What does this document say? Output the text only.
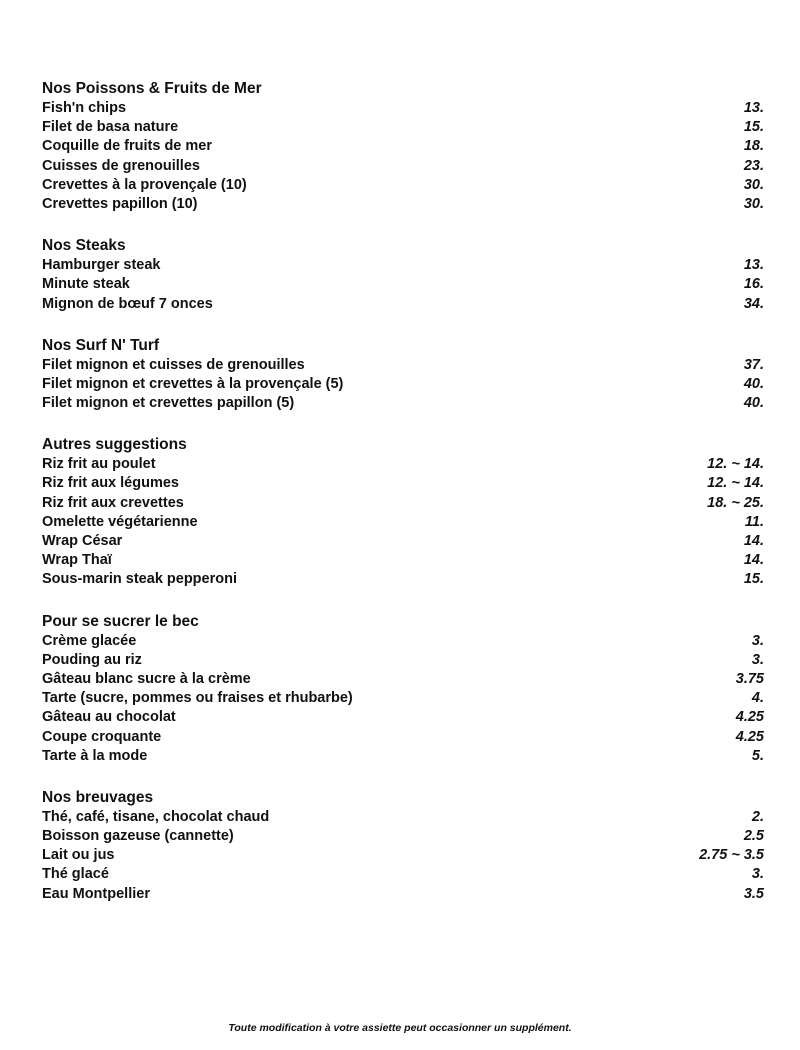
Nos Poissons & Fruits de Mer
Fish'n chips	13.
Filet de basa nature	15.
Coquille de fruits de mer	18.
Cuisses de grenouilles	23.
Crevettes à la provençale (10)	30.
Crevettes papillon (10)	30.
Nos Steaks
Hamburger steak	13.
Minute steak	16.
Mignon de bœuf 7 onces	34.
Nos Surf N' Turf
Filet mignon et cuisses de grenouilles	37.
Filet mignon et crevettes à la provençale (5)	40.
Filet mignon et crevettes papillon (5)	40.
Autres suggestions
Riz frit au poulet	12. ~ 14.
Riz frit aux légumes	12. ~ 14.
Riz frit aux crevettes	18. ~ 25.
Omelette végétarienne	11.
Wrap César	14.
Wrap Thaï	14.
Sous-marin steak pepperoni	15.
Pour se sucrer le bec
Crème glacée	3.
Pouding au riz	3.
Gâteau blanc sucre à la crème	3.75
Tarte (sucre, pommes ou fraises et rhubarbe)	4.
Gâteau au chocolat	4.25
Coupe croquante	4.25
Tarte à la mode	5.
Nos breuvages
Thé, café, tisane, chocolat chaud	2.
Boisson gazeuse (cannette)	2.5
Lait ou jus	2.75 ~ 3.5
Thé glacé	3.
Eau Montpellier	3.5
Toute modification à votre assiette peut occasionner un supplément.
